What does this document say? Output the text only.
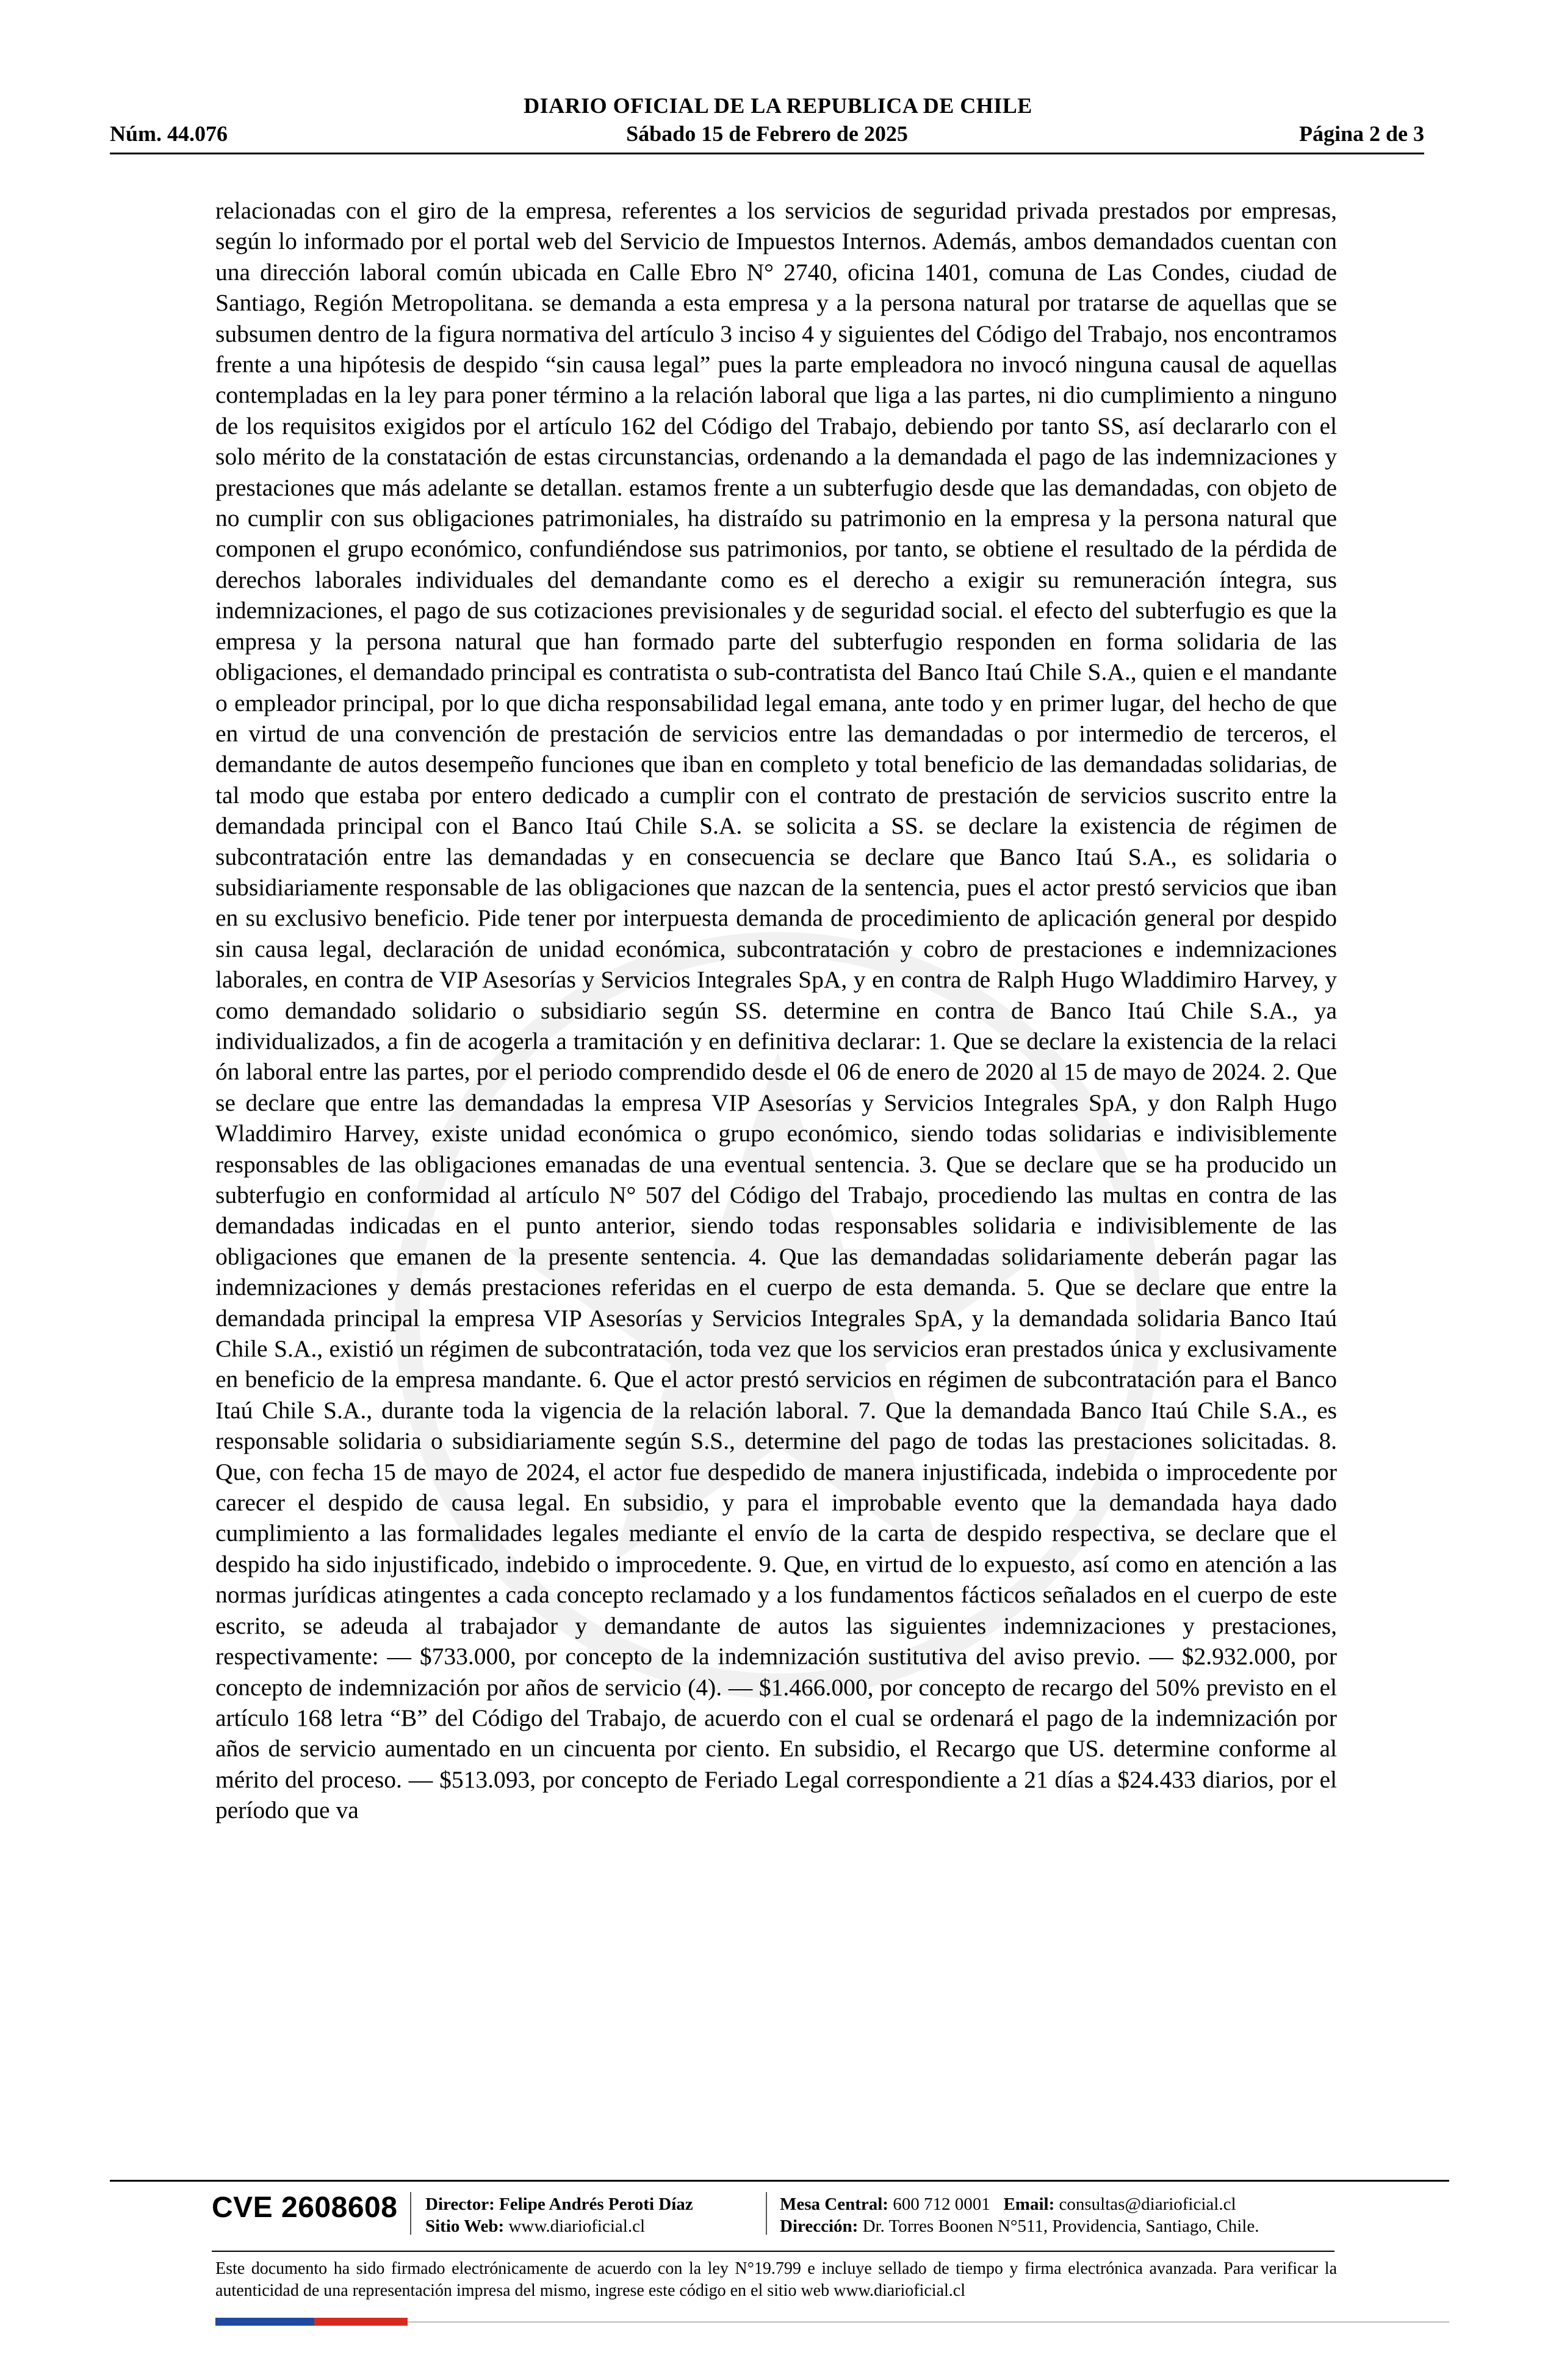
DIARIO OFICIAL DE LA REPUBLICA DE CHILE
Núm. 44.076	Sábado 15 de Febrero de 2025	Página 2 de 3

relacionadas con el giro de la empresa, referentes a los servicios de seguridad privada prestados por empresas, según lo informado por el portal web del Servicio de Impuestos Internos. Además, ambos demandados cuentan con una dirección laboral común ubicada en Calle Ebro N° 2740, oficina 1401, comuna de Las Condes, ciudad de Santiago, Región Metropolitana. se demanda a esta empresa y a la persona natural por tratarse de aquellas que se subsumen dentro de la figura normativa del artículo 3 inciso 4 y siguientes del Código del Trabajo, nos encontramos frente a una hipótesis de despido “sin causa legal” pues la parte empleadora no invocó ninguna causal de aquellas contempladas en la ley para poner término a la relación laboral que liga a las partes, ni dio cumplimiento a ninguno de los requisitos exigidos por el artículo 162 del Código del Trabajo, debiendo por tanto SS, así declararlo con el solo mérito de la constatación de estas circunstancias, ordenando a la demandada el pago de las indemnizaciones y prestaciones que más adelante se detallan. estamos frente a un subterfugio desde que las demandadas, con objeto de no cumplir con sus obligaciones patrimoniales, ha distraído su patrimonio en la empresa y la persona natural que componen el grupo económico, confundiéndose sus patrimonios, por tanto, se obtiene el resultado de la pérdida de derechos laborales individuales del demandante como es el derecho a exigir su remuneración íntegra, sus indemnizaciones, el pago de sus cotizaciones previsionales y de seguridad social. el efecto del subterfugio es que la empresa y la persona natural que han formado parte del subterfugio responden en forma solidaria de las obligaciones, el demandado principal es contratista o sub-contratista del Banco Itaú Chile S.A., quien e el mandante o empleador principal, por lo que dicha responsabilidad legal emana, ante todo y en primer lugar, del hecho de que en virtud de una convención de prestación de servicios entre las demandadas o por intermedio de terceros, el demandante de autos desempeño funciones que iban en completo y total beneficio de las demandadas solidarias, de tal modo que estaba por entero dedicado a cumplir con el contrato de prestación de servicios suscrito entre la demandada principal con el Banco Itaú Chile S.A. se solicita a SS. se declare la existencia de régimen de subcontratación entre las demandadas y en consecuencia se declare que Banco Itaú S.A., es solidaria o subsidiariamente responsable de las obligaciones que nazcan de la sentencia, pues el actor prestó servicios que iban en su exclusivo beneficio. Pide tener por interpuesta demanda de procedimiento de aplicación general por despido sin causa legal, declaración de unidad económica, subcontratación y cobro de prestaciones e indemnizaciones laborales, en contra de VIP Asesorías y Servicios Integrales SpA, y en contra de Ralph Hugo Wladdimiro Harvey, y como demandado solidario o subsidiario según SS. determine en contra de Banco Itaú Chile S.A., ya individualizados, a fin de acogerla a tramitación y en definitiva declarar: 1. Que se declare la existencia de la relaci ón laboral entre las partes, por el periodo comprendido desde el 06 de enero de 2020 al 15 de mayo de 2024. 2. Que se declare que entre las demandadas la empresa VIP Asesorías y Servicios Integrales SpA, y don Ralph Hugo Wladdimiro Harvey, existe unidad económica o grupo económico, siendo todas solidarias e indivisiblemente responsables de las obligaciones emanadas de una eventual sentencia. 3. Que se declare que se ha producido un subterfugio en conformidad al artículo N° 507 del Código del Trabajo, procediendo las multas en contra de las demandadas indicadas en el punto anterior, siendo todas responsables solidaria e indivisiblemente de las obligaciones que emanen de la presente sentencia. 4. Que las demandadas solidariamente deberán pagar las indemnizaciones y demás prestaciones referidas en el cuerpo de esta demanda. 5. Que se declare que entre la demandada principal la empresa VIP Asesorías y Servicios Integrales SpA, y la demandada solidaria Banco Itaú Chile S.A., existió un régimen de subcontratación, toda vez que los servicios eran prestados única y exclusivamente en beneficio de la empresa mandante. 6. Que el actor prestó servicios en régimen de subcontratación para el Banco Itaú Chile S.A., durante toda la vigencia de la relación laboral. 7. Que la demandada Banco Itaú Chile S.A., es responsable solidaria o subsidiariamente según S.S., determine del pago de todas las prestaciones solicitadas. 8. Que, con fecha 15 de mayo de 2024, el actor fue despedido de manera injustificada, indebida o improcedente por carecer el despido de causa legal. En subsidio, y para el improbable evento que la demandada haya dado cumplimiento a las formalidades legales mediante el envío de la carta de despido respectiva, se declare que el despido ha sido injustificado, indebido o improcedente. 9. Que, en virtud de lo expuesto, así como en atención a las normas jurídicas atingentes a cada concepto reclamado y a los fundamentos fácticos señalados en el cuerpo de este escrito, se adeuda al trabajador y demandante de autos las siguientes indemnizaciones y prestaciones, respectivamente: — $733.000, por concepto de la indemnización sustitutiva del aviso previo. — $2.932.000, por concepto de indemnización por años de servicio (4). — $1.466.000, por concepto de recargo del 50% previsto en el artículo 168 letra “B” del Código del Trabajo, de acuerdo con el cual se ordenará el pago de la indemnización por años de servicio aumentado en un cincuenta por ciento. En subsidio, el Recargo que US. determine conforme al mérito del proceso. — $513.093, por concepto de Feriado Legal correspondiente a 21 días a $24.433 diarios, por el período que va

CVE 2608608 Director: Felipe Andrés Peroti Díaz
Sitio Web: www.diarioficial.cl
Mesa Central: 600 712 0001 Email: consultas@diarioficial.cl
Dirección: Dr. Torres Boonen N°511, Providencia, Santiago, Chile.
Este documento ha sido firmado electrónicamente de acuerdo con la ley N°19.799 e incluye sellado de tiempo y firma electrónica avanzada. Para verificar la autenticidad de una representación impresa del mismo, ingrese este código en el sitio web www.diarioficial.cl
